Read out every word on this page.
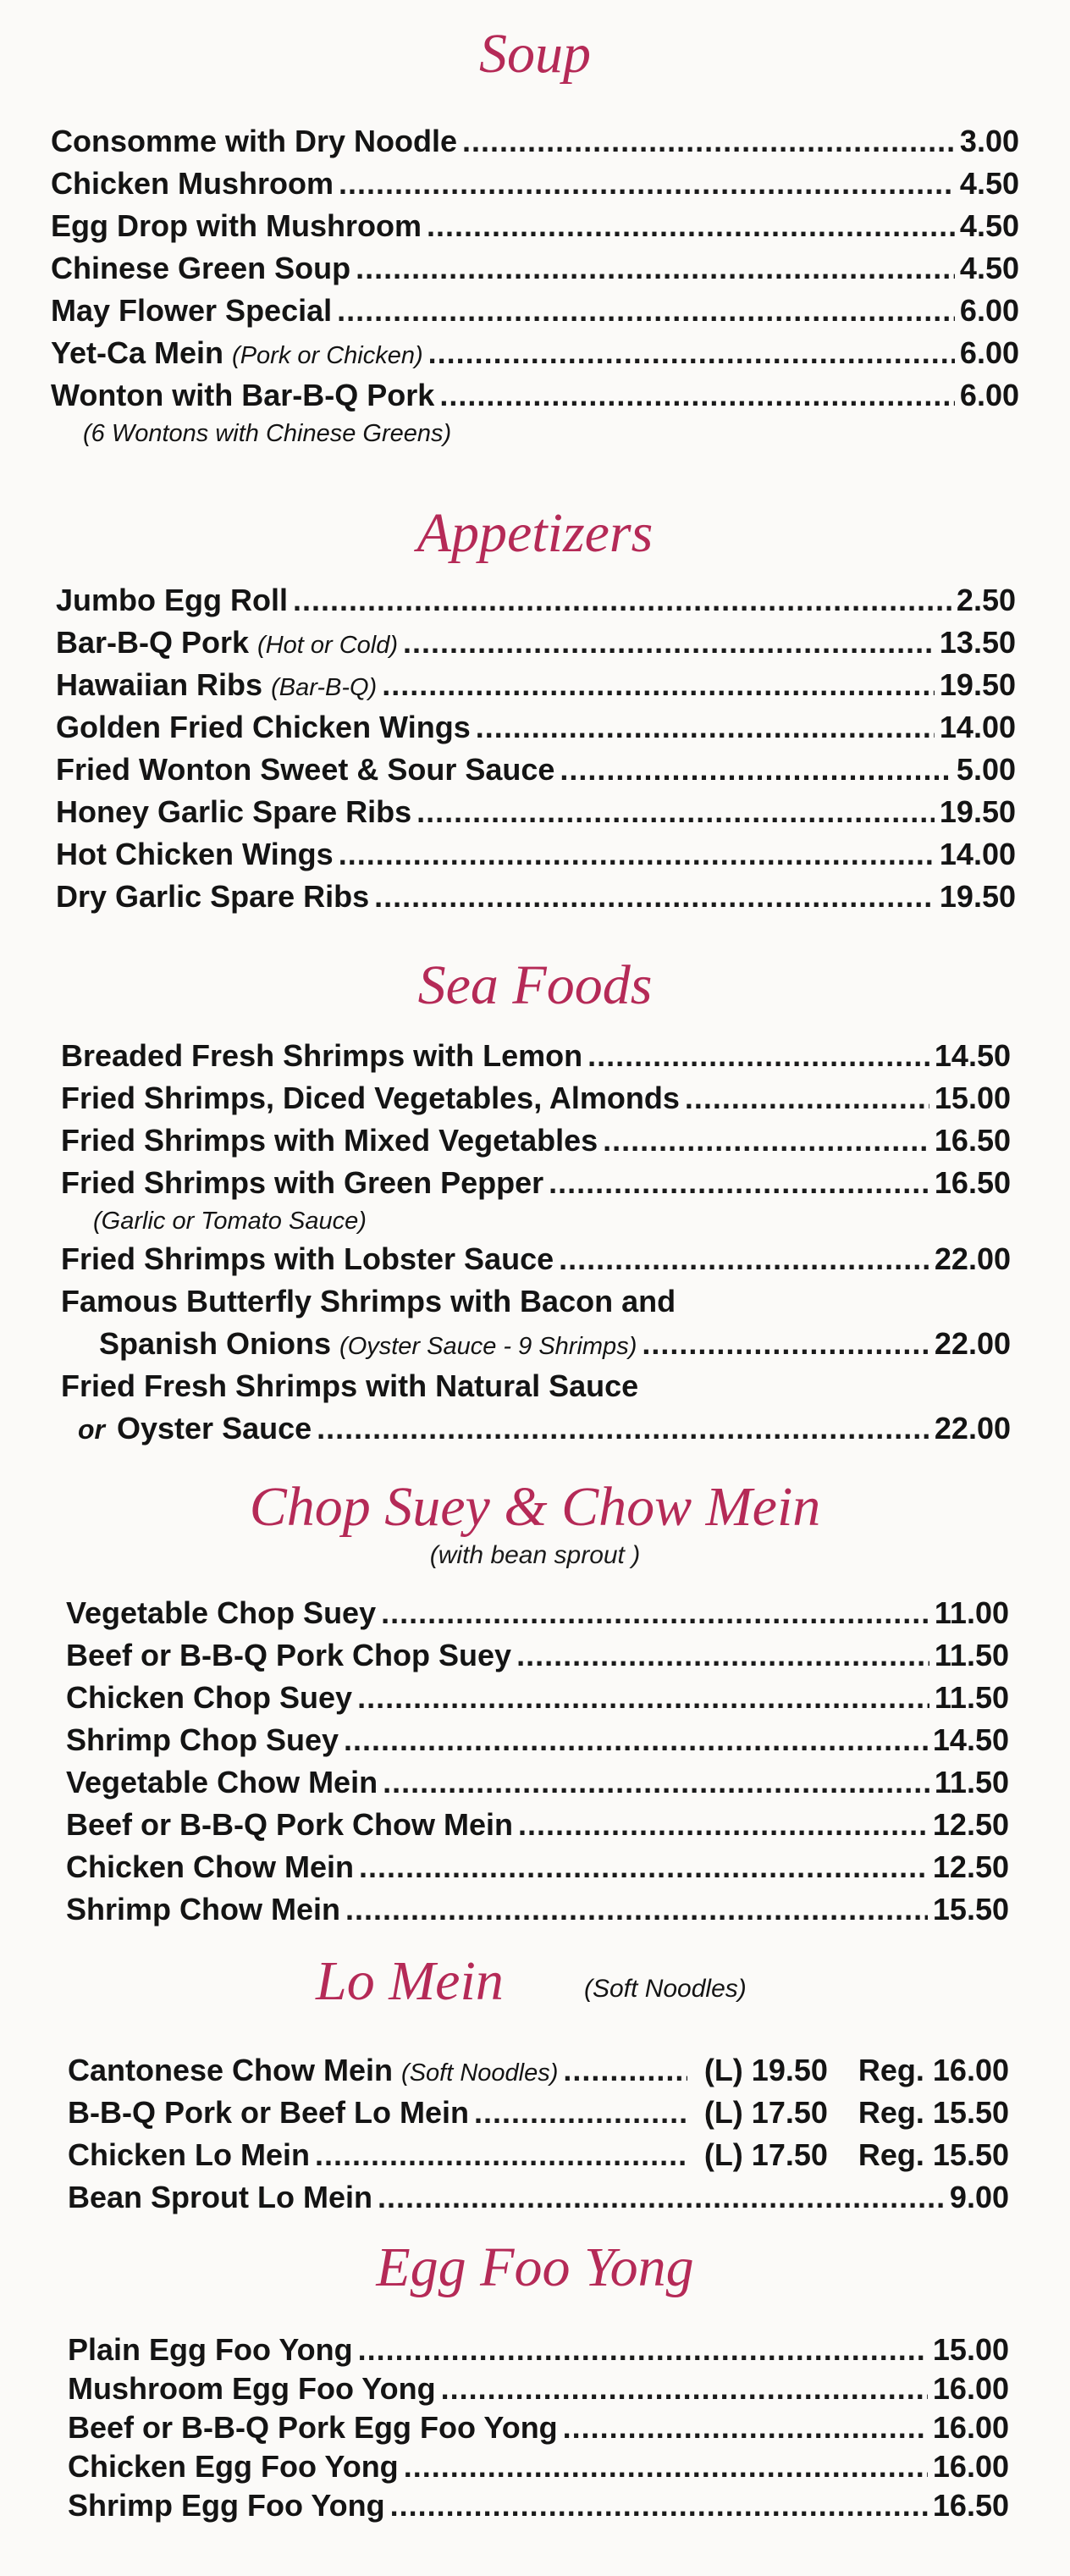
Soup
Consomme with Dry Noodle .....	3.00
Chicken Mushroom .....	4.50
Egg Drop with Mushroom .....	4.50
Chinese Green Soup .....	4.50
May Flower Special .....	6.00
Yet-Ca Mein (Pork or Chicken) .....	6.00
Wonton with Bar-B-Q Pork .....	6.00
(6 Wontons with Chinese Greens)
Appetizers
Jumbo Egg Roll .....	2.50
Bar-B-Q Pork (Hot or Cold) .....	13.50
Hawaiian Ribs (Bar-B-Q) .....	19.50
Golden Fried Chicken Wings .....	14.00
Fried Wonton Sweet & Sour Sauce .....	5.00
Honey Garlic Spare Ribs .....	19.50
Hot Chicken Wings .....	14.00
Dry Garlic Spare Ribs .....	19.50
Sea Foods
Breaded Fresh Shrimps with Lemon .....	14.50
Fried Shrimps, Diced Vegetables, Almonds .....	15.00
Fried Shrimps with Mixed Vegetables .....	16.50
Fried Shrimps with Green Pepper .....	16.50
(Garlic or Tomato Sauce)
Fried Shrimps with Lobster Sauce .....	22.00
Famous Butterfly Shrimps with Bacon and
Spanish Onions (Oyster Sauce - 9 Shrimps) .....	22.00
Fried Fresh Shrimps with Natural Sauce
or Oyster Sauce .....	22.00
Chop Suey & Chow Mein
(with bean sprout )
Vegetable Chop Suey .....	11.00
Beef or B-B-Q Pork Chop Suey .....	11.50
Chicken Chop Suey .....	11.50
Shrimp Chop Suey .....	14.50
Vegetable Chow Mein .....	11.50
Beef or B-B-Q Pork Chow Mein .....	12.50
Chicken Chow Mein .....	12.50
Shrimp Chow Mein .....	15.50
Lo Mein	(Soft Noodles)
Cantonese Chow Mein (Soft Noodles) .....	(L) 19.50 Reg. 16.00
B-B-Q Pork or Beef Lo Mein .....	(L) 17.50 Reg. 15.50
Chicken Lo Mein .....	(L) 17.50 Reg. 15.50
Bean Sprout Lo Mein .....	9.00
Egg Foo Yong
Plain Egg Foo Yong .....	15.00
Mushroom Egg Foo Yong .....	16.00
Beef or B-B-Q Pork Egg Foo Yong .....	16.00
Chicken Egg Foo Yong .....	16.00
Shrimp Egg Foo Yong .....	16.50
